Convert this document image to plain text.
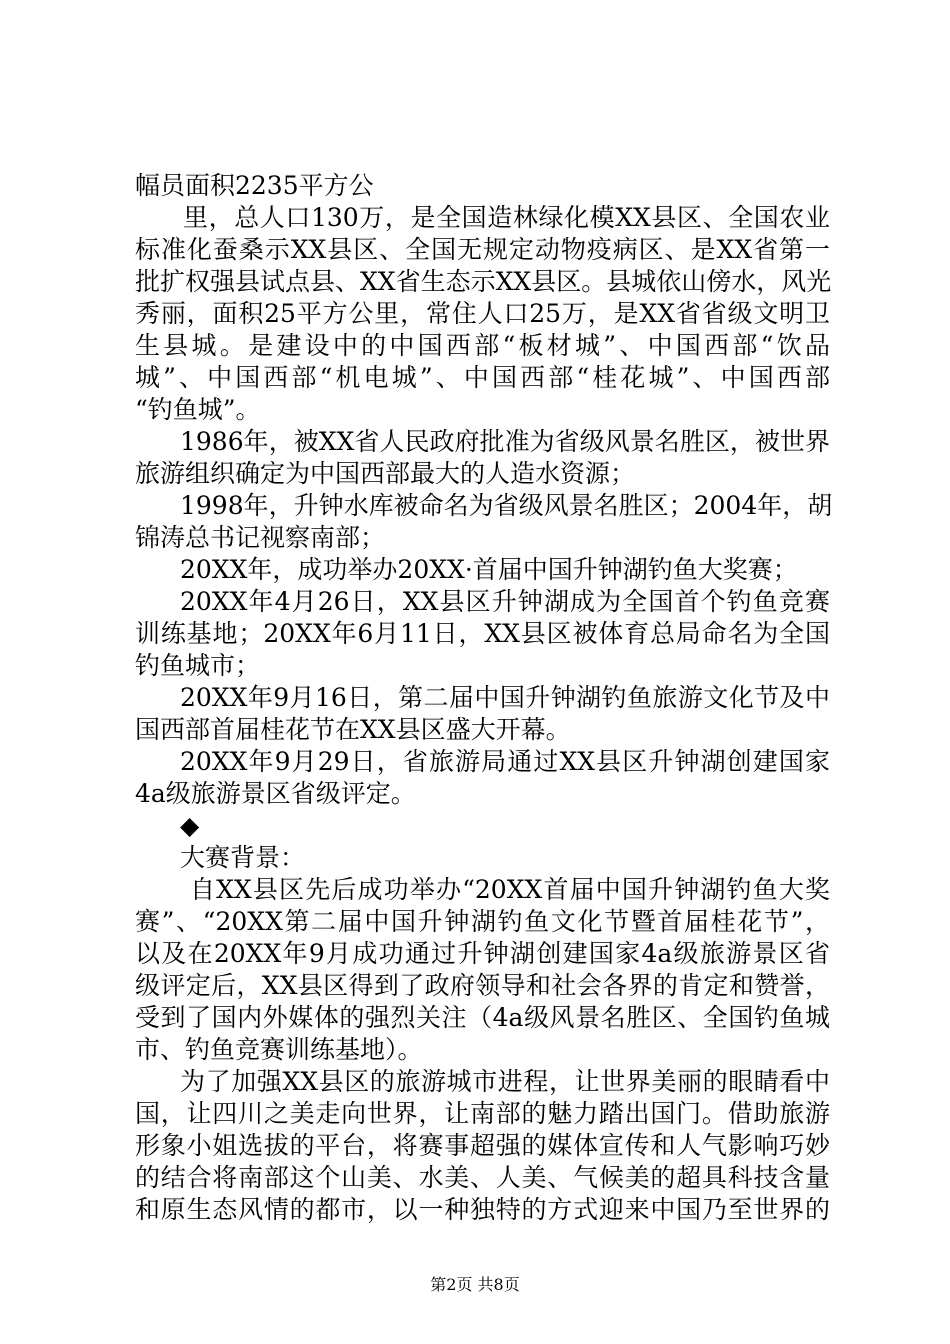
幅员面积2235平方公
里，总人口130万，是全国造林绿化模XX县区、全国农业
标准化蚕桑示XX县区、全国无规定动物疫病区、是XX省第一
批扩权强县试点县、XX省生态示XX县区。县城依山傍水，风光
秀丽，面积25平方公里，常住人口25万，是XX省省级文明卫
生县城。是建设中的中国西部“板材城”、中国西部“饮品
城”、中国西部“机电城”、中国西部“桂花城”、中国西部
“钓鱼城”。
1986年，被XX省人民政府批准为省级风景名胜区，被世界
旅游组织确定为中国西部最大的人造水资源；
1998年，升钟水库被命名为省级风景名胜区；2004年，胡
锦涛总书记视察南部；
20XX年，成功举办20XX·首届中国升钟湖钓鱼大奖赛；
20XX年4月26日，XX县区升钟湖成为全国首个钓鱼竞赛
训练基地；20XX年6月11日，XX县区被体育总局命名为全国
钓鱼城市；
20XX年9月16日，第二届中国升钟湖钓鱼旅游文化节及中
国西部首届桂花节在XX县区盛大开幕。
20XX年9月29日，省旅游局通过XX县区升钟湖创建国家
4a级旅游景区省级评定。
◆
大赛背景：
自XX县区先后成功举办“20XX首届中国升钟湖钓鱼大奖
赛”、“20XX第二届中国升钟湖钓鱼文化节暨首届桂花节”，
以及在20XX年9月成功通过升钟湖创建国家4a级旅游景区省
级评定后，XX县区得到了政府领导和社会各界的肯定和赞誉，
受到了国内外媒体的强烈关注（4a级风景名胜区、全国钓鱼城
市、钓鱼竞赛训练基地）。
为了加强XX县区的旅游城市进程，让世界美丽的眼睛看中
国，让四川之美走向世界，让南部的魅力踏出国门。借助旅游
形象小姐选拔的平台，将赛事超强的媒体宣传和人气影响巧妙
的结合将南部这个山美、水美、人美、气候美的超具科技含量
和原生态风情的都市，以一种独特的方式迎来中国乃至世界的
第2页 共8页
